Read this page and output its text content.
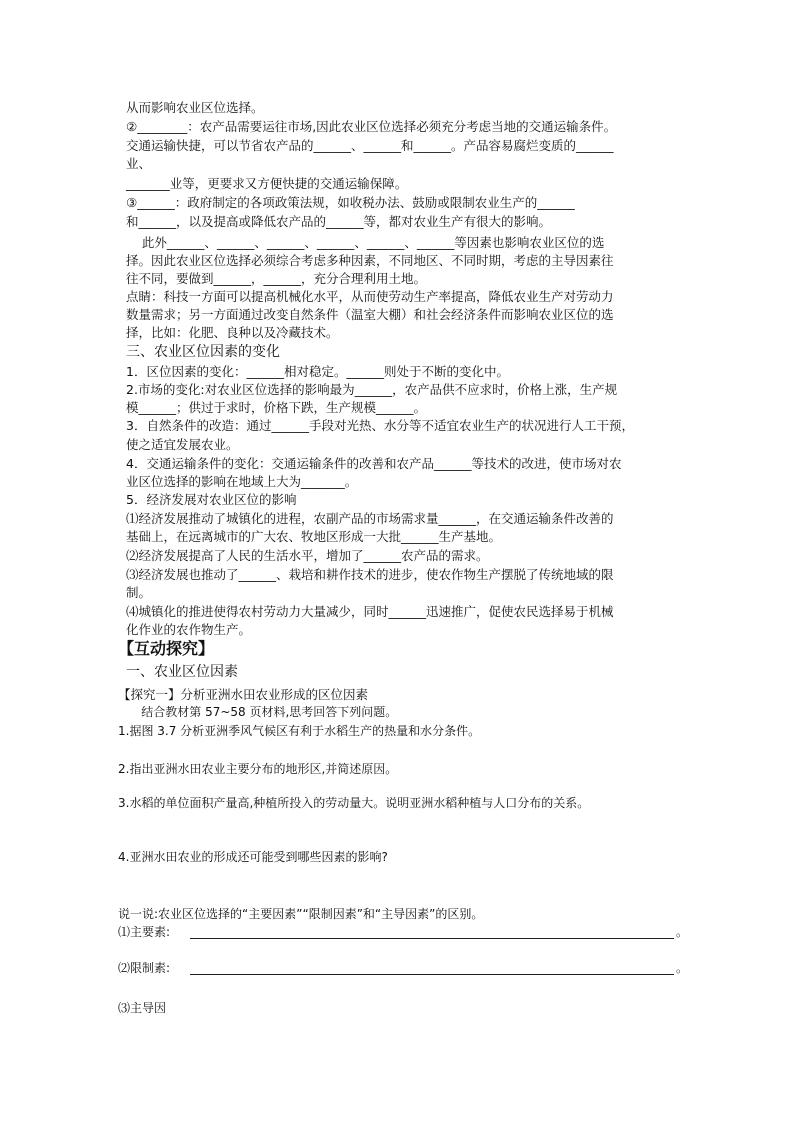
从而影响农业区位选择。
②________：农产品需要运往市场,因此农业区位选择必须充分考虑当地的交通运输条件。
交通运输快捷，可以节省农产品的______、______和______。产品容易腐烂变质的______
业、
_______业等，更要求又方便快捷的交通运输保障。
③______：政府制定的各项政策法规，如收税办法、鼓励或限制农业生产的______
和______，以及提高或降低农产品的______等，都对农业生产有很大的影响。
此外______、______、______、______、______、______等因素也影响农业区位的选
择。因此农业区位选择必须综合考虑多种因素，不同地区、不同时期，考虑的主导因素往
往不同，要做到______，______，充分合理利用土地。
点睛：科技一方面可以提高机械化水平，从而使劳动生产率提高，降低农业生产对劳动力
数量需求；另一方面通过改变自然条件（温室大棚）和社会经济条件而影响农业区位的选
择，比如：化肥、良种以及冷藏技术。
三、农业区位因素的变化
1．区位因素的变化：______相对稳定。______则处于不断的变化中。
2.市场的变化:对农业区位选择的影响最为______，农产品供不应求时，价格上涨，生产规
模______；供过于求时，价格下跌，生产规模______。
3．自然条件的改造：通过______手段对光热、水分等不适宜农业生产的状况进行人工干预，
使之适宜发展农业。
4．交通运输条件的变化：交通运输条件的改善和农产品______等技术的改进，使市场对农
业区位选择的影响在地域上大为_______。
5．经济发展对农业区位的影响
⑴经济发展推动了城镇化的进程，农副产品的市场需求量______，在交通运输条件改善的
基础上，在远离城市的广大农、牧地区形成一大批______生产基地。
⑵经济发展提高了人民的生活水平，增加了______农产品的需求。
⑶经济发展也推动了______、栽培和耕作技术的进步，使农作物生产摆脱了传统地域的限
制。
⑷城镇化的推进使得农村劳动力大量减少，同时______迅速推广，促使农民选择易于机械
化作业的农作物生产。
【互动探究】
一、农业区位因素
【探究一】分析亚洲水田农业形成的区位因素
结合教材第 57~58 页材料,思考回答下列问题。
1.据图 3.7 分析亚洲季风气候区有利于水稻生产的热量和水分条件。
2.指出亚洲水田农业主要分布的地形区,并简述原因。
3.水稻的单位面积产量高,种植所投入的劳动量大。说明亚洲水稻种植与人口分布的关系。
4.亚洲水田农业的形成还可能受到哪些因素的影响?
说一说:农业区位选择的“主要因素”“限制因素”和“主导因素”的区别。
⑴主要素:	。
⑵限制素:	。
⑶主导因
